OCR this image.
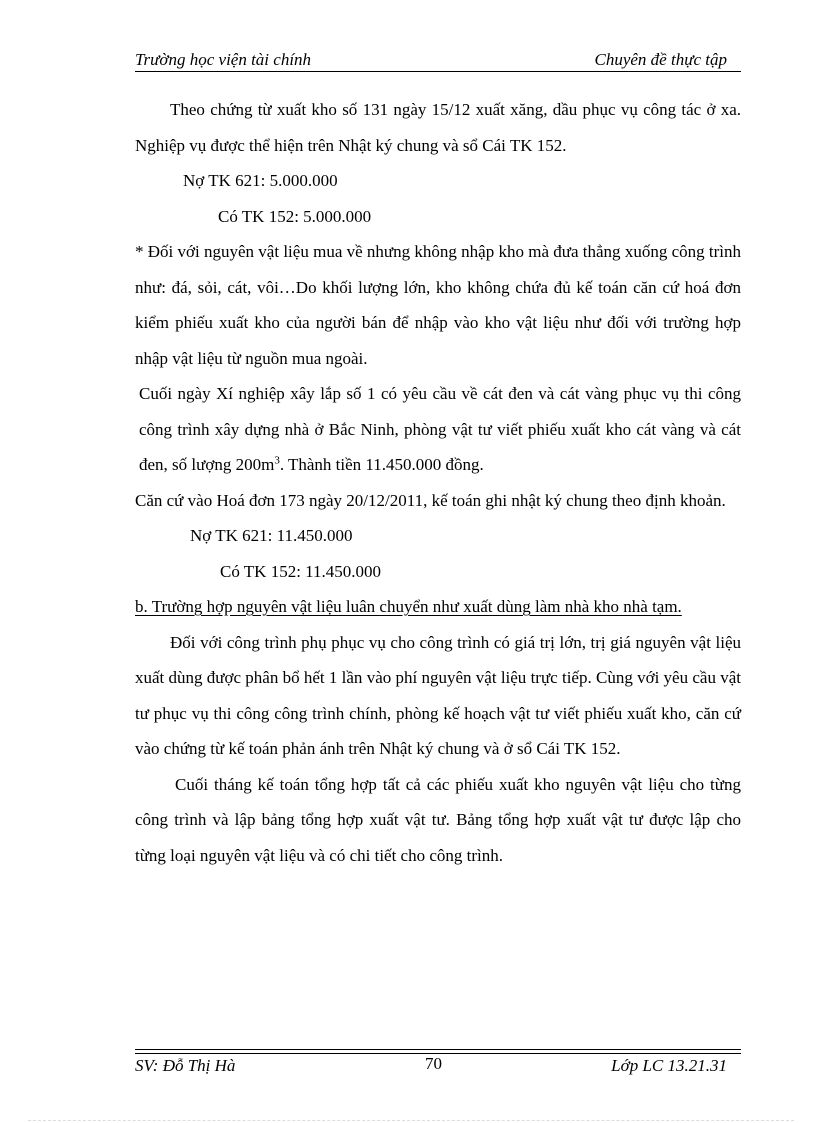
Trường học viện tài chính	Chuyên đề thực tập

Theo chứng từ xuất kho số 131 ngày 15/12 xuất xăng, dầu phục vụ công tác ở xa. Nghiệp vụ được thể hiện trên Nhật ký chung và sổ Cái TK 152.

Nợ TK 621: 5.000.000

Có TK 152: 5.000.000

* Đối với nguyên vật liệu mua về nhưng không nhập kho mà đưa thẳng xuống công trình như: đá, sỏi, cát, vôi…Do khối lượng lớn, kho không chứa đủ kế toán căn cứ hoá đơn kiểm phiếu xuất kho của người bán để nhập vào kho vật liệu như đối với trường hợp nhập vật liệu từ nguồn mua ngoài.

Cuối ngày Xí nghiệp xây lắp số 1 có yêu cầu về cát đen và cát vàng phục vụ thi công công trình xây dựng nhà ở Bắc Ninh, phòng vật tư viết phiếu xuất kho cát vàng và cát đen, số lượng $200m^3$. Thành tiền 11.450.000 đồng.

Căn cứ vào Hoá đơn 173 ngày 20/12/2011, kế toán ghi nhật ký chung theo định khoản.

Nợ TK 621: 11.450.000

Có TK 152: 11.450.000

b. Trường hợp nguyên vật liệu luân chuyển như xuất dùng làm nhà kho nhà tạm.

Đối với công trình phụ phục vụ cho công trình có giá trị lớn, trị giá nguyên vật liệu xuất dùng được phân bổ hết 1 lần vào phí nguyên vật liệu trực tiếp. Cùng với yêu cầu vật tư phục vụ thi công công trình chính, phòng kế hoạch vật tư viết phiếu xuất kho, căn cứ vào chứng từ kế toán phản ánh trên Nhật ký chung và ở sổ Cái TK 152.

Cuối tháng kế toán tổng hợp tất cả các phiếu xuất kho nguyên vật liệu cho từng công trình và lập bảng tổng hợp xuất vật tư. Bảng tổng hợp xuất vật tư được lập cho từng loại nguyên vật liệu và có chi tiết cho công trình.

SV: Đỗ Thị Hà	70	Lớp LC 13.21.31
